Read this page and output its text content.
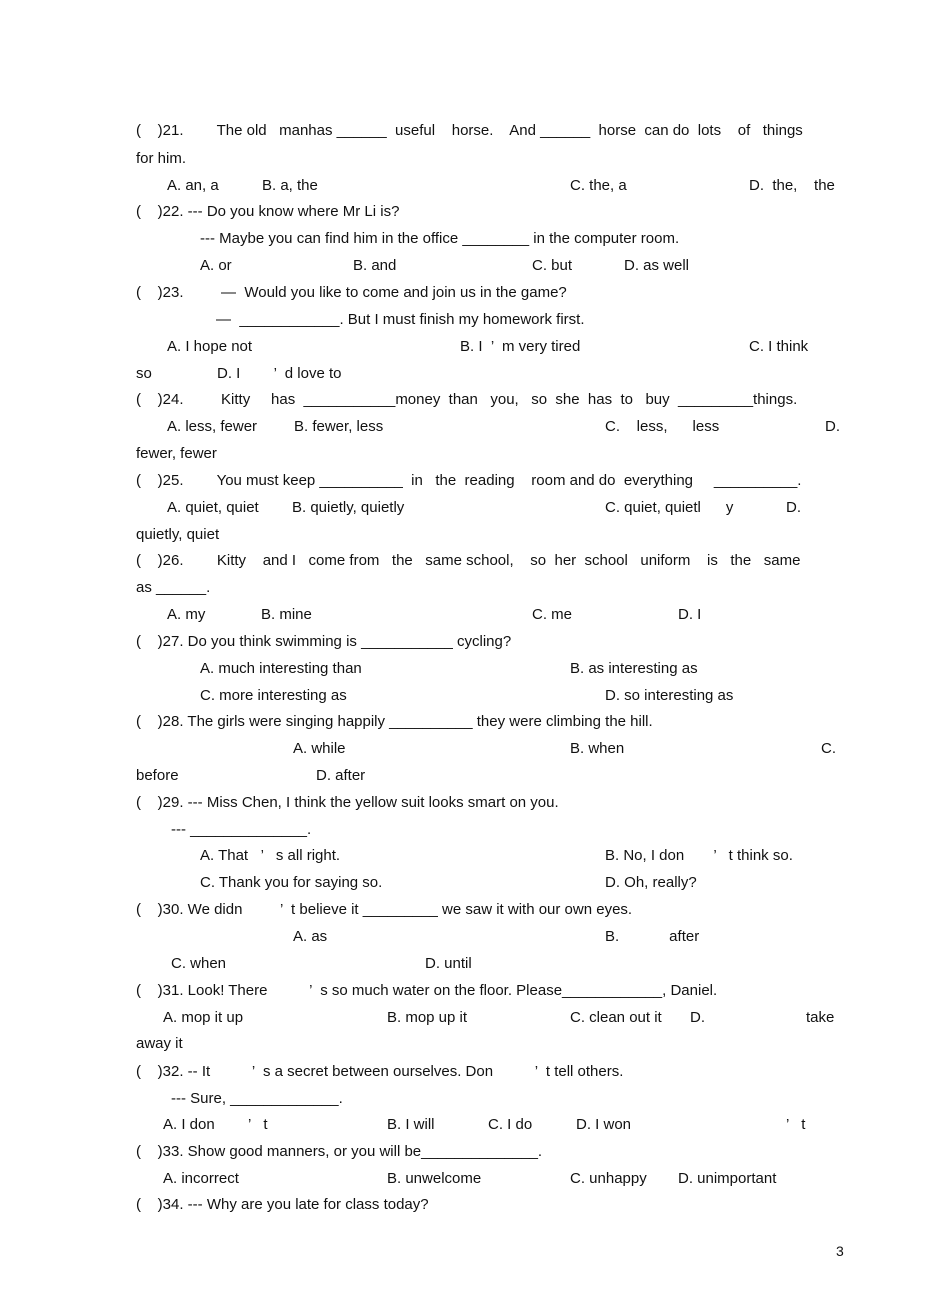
(    )21.        The old   manhas ______  useful    horse.    And ______  horse  can do  lots    of   things
for him.
A. an, a	B. a, the	C. the, a	D.  the,    the
(    )22. --- Do you know where Mr Li is?
--- Maybe you can find him in the office ________ in the computer room.
A. or	B. and	C. but	D. as well
(    )23.         —  Would you like to come and join us in the game?
—  ____________. But I must finish my homework first.
A. I hope not	B. I  ’  m very tired	C. I think
so	D. I        ’  d love to
(    )24.         Kitty     has  ___________money  than   you,   so  she  has  to   buy  _________things.
A. less, fewer B. fewer, less	C.    less,      less	D.
fewer, fewer
(    )25.        You must keep __________  in   the  reading    room and do  everything     __________.
A. quiet, quiet B. quietly, quietly	C. quiet, quietl      y	D.
quietly, quiet
(    )26.        Kitty    and I   come from   the   same school,    so  her  school   uniform    is   the   same
as ______.
A. my	B. mine	C. me	D. I
(    )27. Do you think swimming is ___________ cycling?
A. much interesting than	B. as interesting as
C. more interesting as	D. so interesting as
(    )28. The girls were singing happily __________ they were climbing the hill.
A. while	B. when	C.
before	D. after
(    )29. --- Miss Chen, I think the yellow suit looks smart on you.
--- ______________.
A. That   ’   s all right.	B. No, I don       ’   t think so.
C. Thank you for saying so.	D. Oh, really?
(    )30. We didn         ’  t believe it _________ we saw it with our own eyes.
A. as	B.            after
C. when	D. until
(    )31. Look! There          ’  s so much water on the floor. Please____________, Daniel.
A. mop it up	B. mop up it	C. clean out it D.	take
away it
(    )32. -- It          ’  s a secret between ourselves. Don          ’  t tell others.
--- Sure, _____________.
A. I don        ’   t	B. I will	C. I do	D. I won	’   t
(    )33. Show good manners, or you will be______________.
A. incorrect	B. unwelcome	C. unhappy D. unimportant
(    )34. --- Why are you late for class today?
3
